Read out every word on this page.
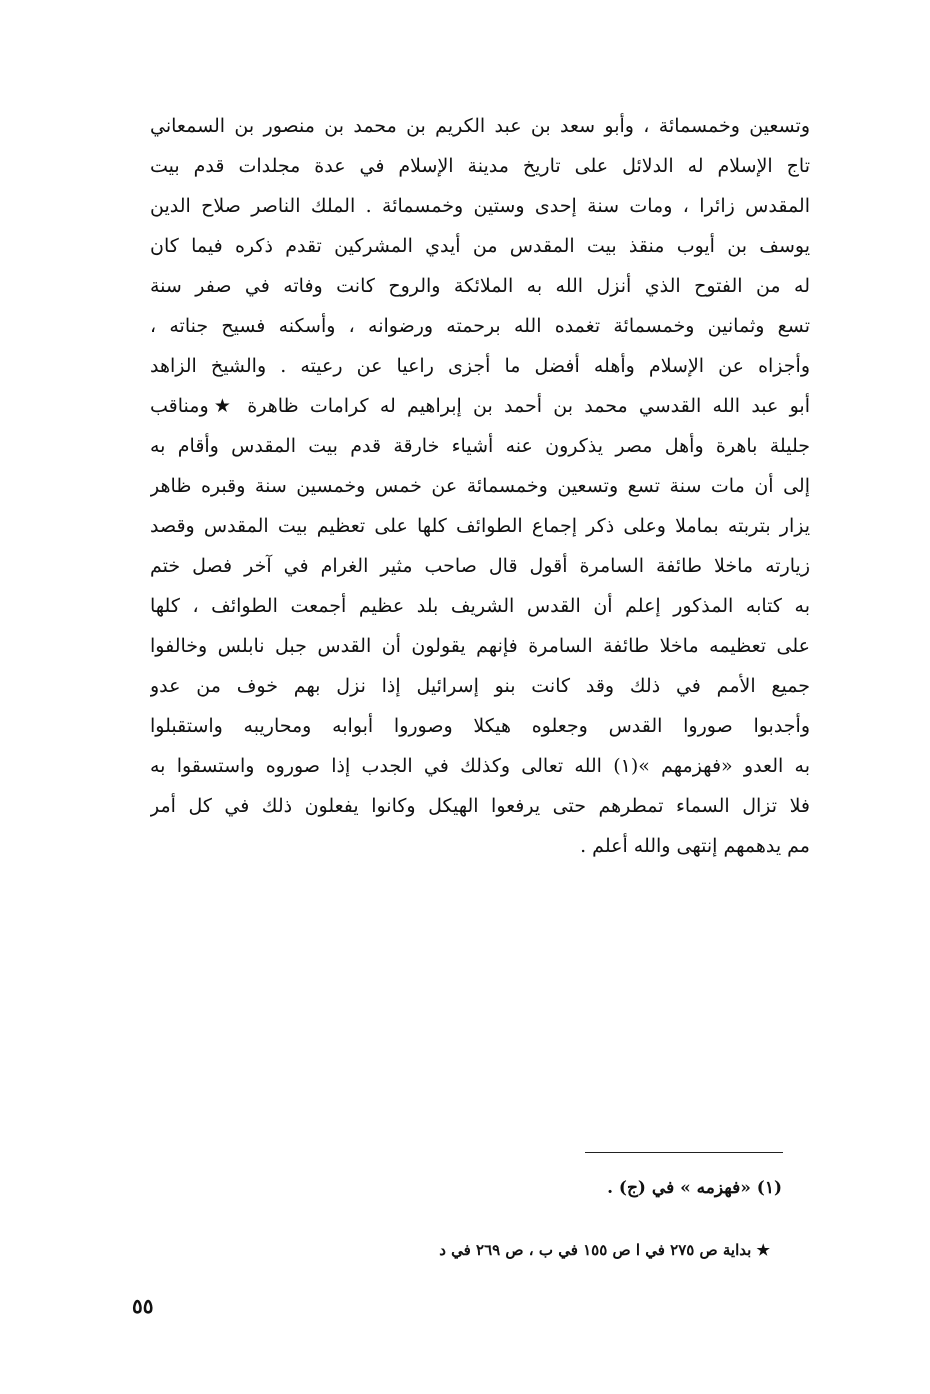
وتسعين وخمسمائة ، وأبو سعد بن عبد الكريم بن محمد بن منصور بن السمعاني
تاج الإسلام له الدلائل على تاريخ مدينة الإسلام في عدة مجلدات قدم بيت
المقدس زائرا ، ومات سنة إحدى وستين وخمسمائة . الملك الناصر صلاح الدين
يوسف بن أيوب منقذ بيت المقدس من أيدي المشركين تقدم ذكره فيما كان
له من الفتوح الذي أنزل الله به الملائكة والروح كانت وفاته في صفر سنة
تسع وثمانين وخمسمائة تغمده الله برحمته ورضوانه ، وأسكنه فسيح جناته ،
وأجزاه عن الإسلام وأهله أفضل ما أجزى راعيا عن رعيته . والشيخ الزاهد
أبو عبد الله القدسي محمد بن أحمد بن إبراهيم له كرامات ظاهرة ★ومناقب
جليلة باهرة وأهل مصر يذكرون عنه أشياء خارقة قدم بيت المقدس وأقام به
إلى أن مات سنة تسع وتسعين وخمسمائة عن خمس وخمسين سنة وقبره ظاهر
يزار بتربته بماملا وعلى ذكر إجماع الطوائف كلها على تعظيم بيت المقدس وقصد
زيارته ماخلا طائفة السامرة أقول قال صاحب مثير الغرام في آخر فصل ختم
به كتابه المذكور إعلم أن القدس الشريف بلد عظيم أجمعت الطوائف ، كلها
على تعظيمه ماخلا طائفة السامرة فإنهم يقولون أن القدس جبل نابلس وخالفوا
جميع الأمم في ذلك وقد كانت بنو إسرائيل إذا نزل بهم خوف من عدو
وأجدبوا صوروا القدس وجعلوه هيكلا وصوروا أبوابه ومحاريبه واستقبلوا
به العدو «فهزمهم »(١) الله تعالى وكذلك في الجدب إذا صوروه واستسقوا به
فلا تزال السماء تمطرهم حتى يرفعوا الهيكل وكانوا يفعلون ذلك في كل أمر
مم يدهمهم إنتهى والله أعلم .
(١) «فهزمه » في (ج) .
★ بداية ص ٢٧٥ في ا ص ١٥٥ في ب ، ص ٢٦٩ في د
٥٥
